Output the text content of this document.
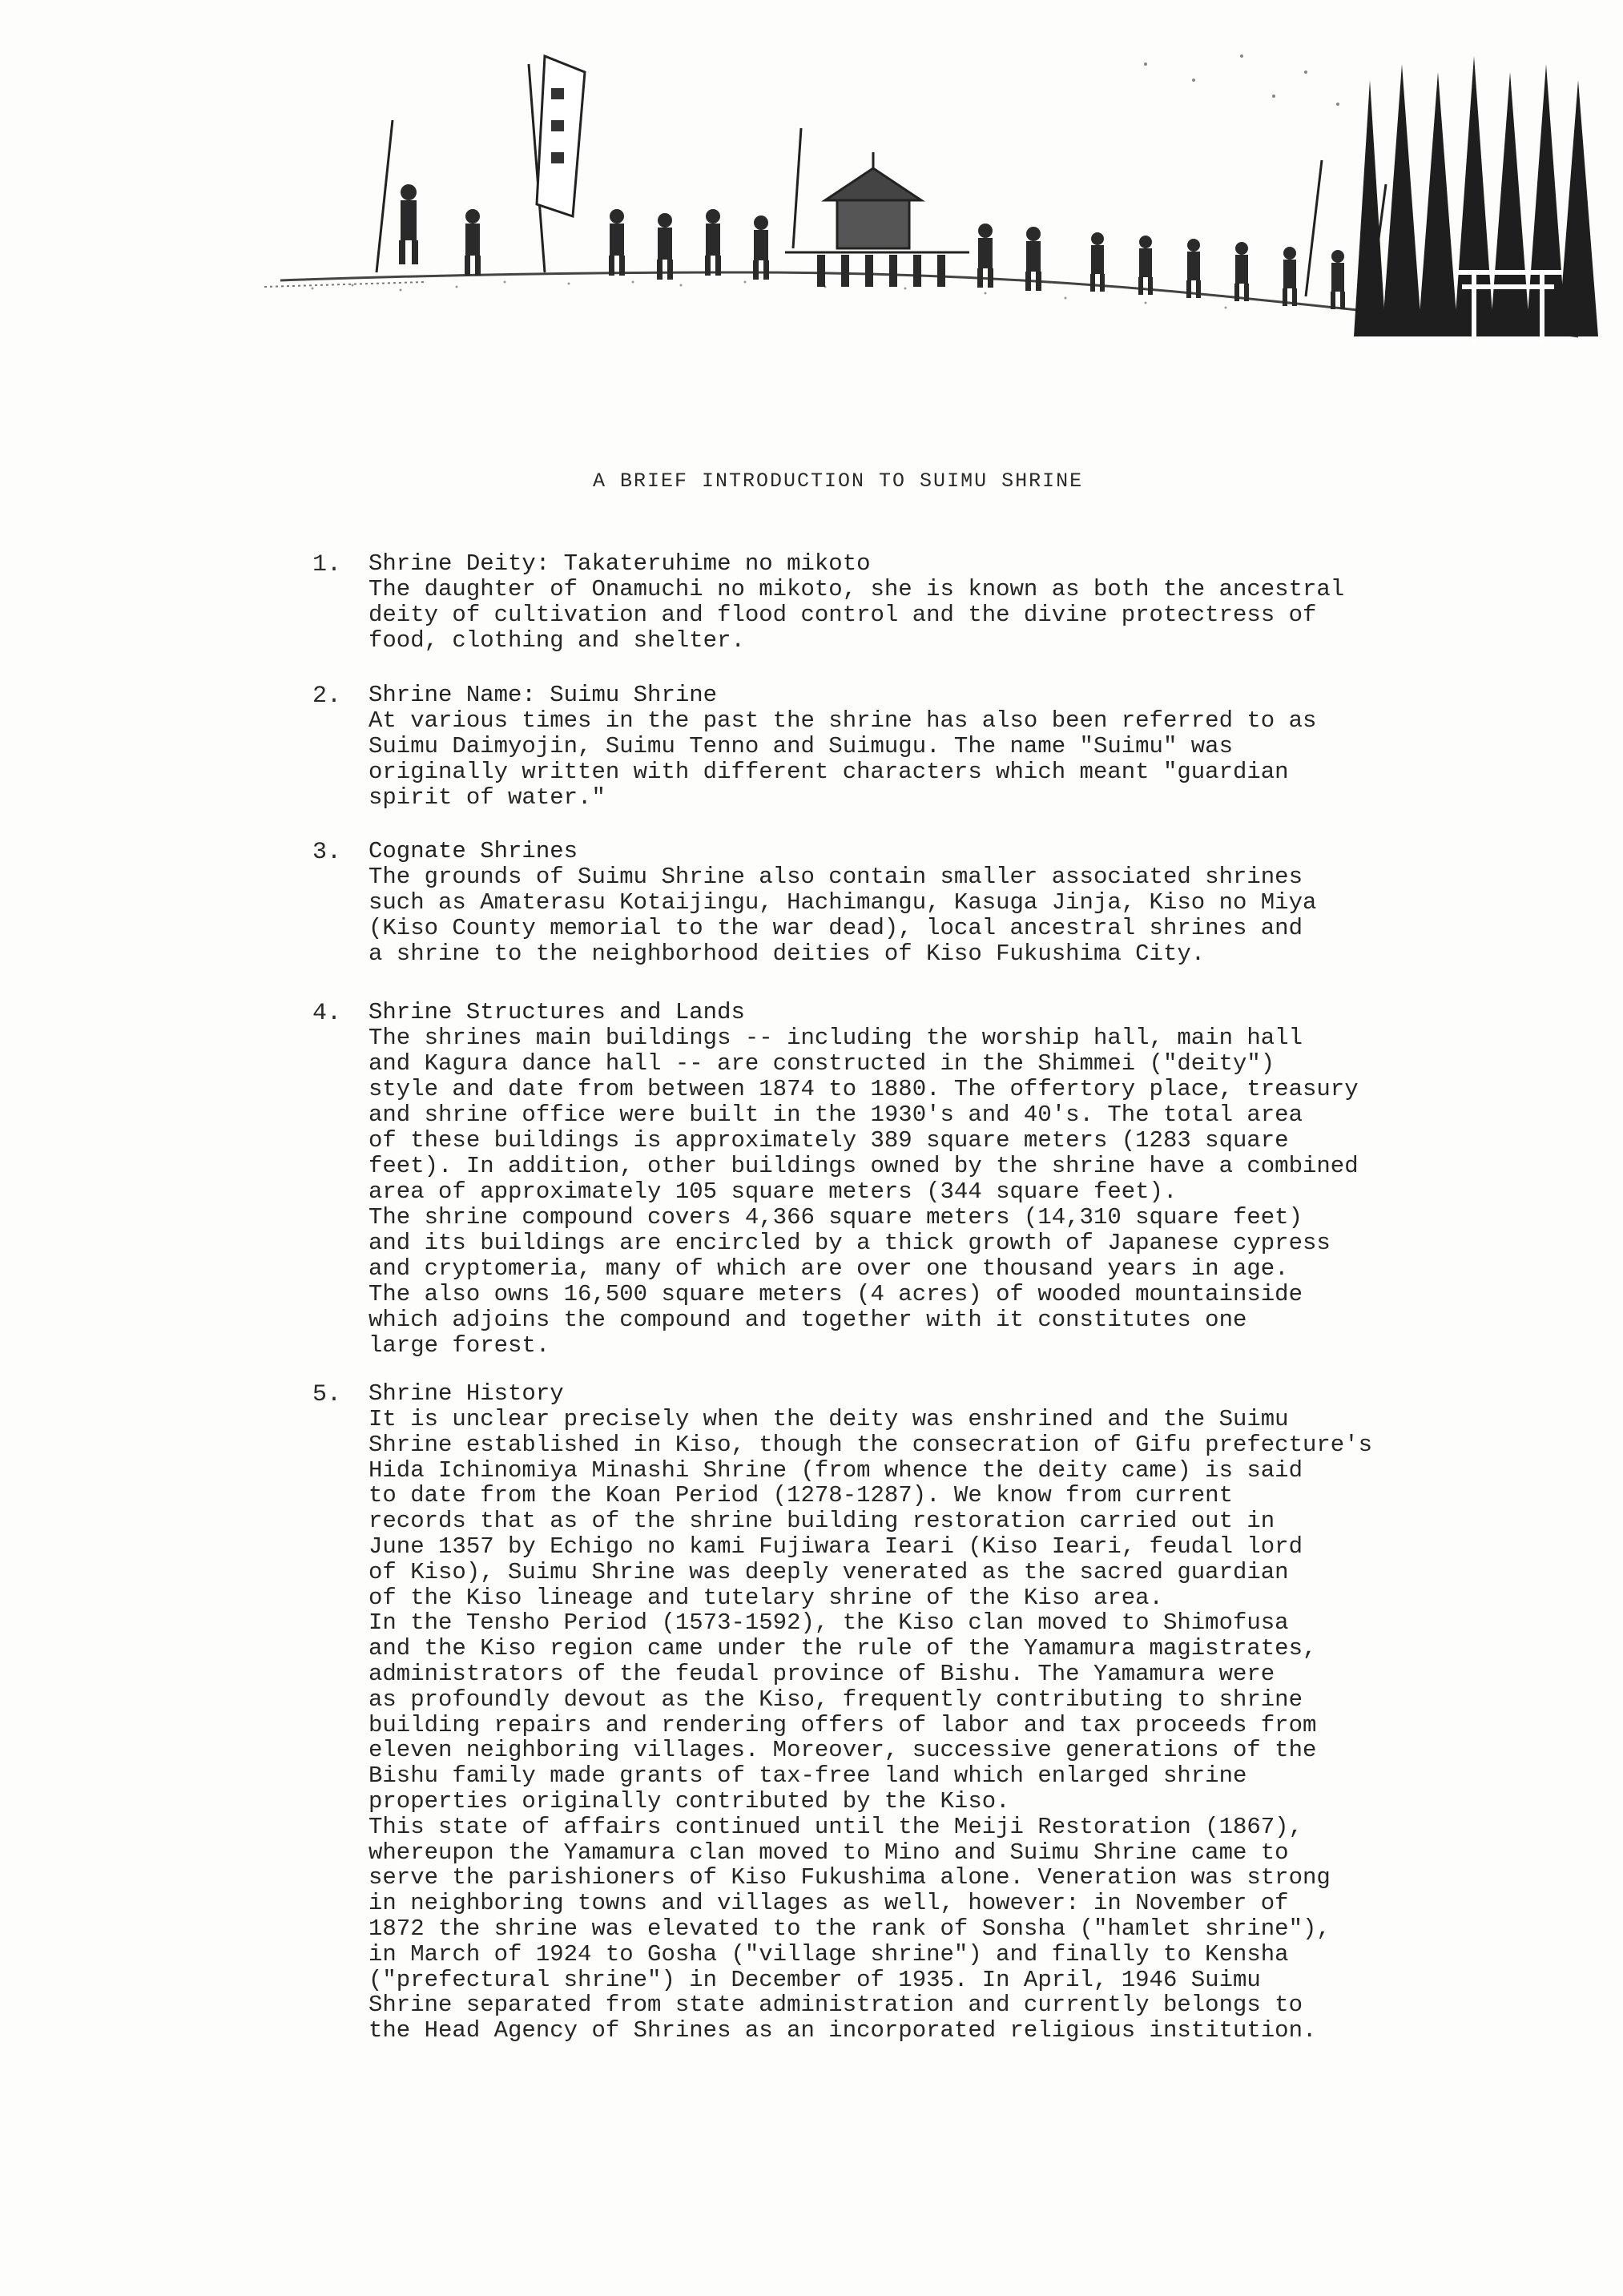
A BRIEF INTRODUCTION TO SUIMU SHRINE
1. Shrine Deity: Takateruhime no mikoto
The daughter of Onamuchi no mikoto, she is known as both the ancestral
deity of cultivation and flood control and the divine protectress of
food, clothing and shelter.
2. Shrine Name: Suimu Shrine
At various times in the past the shrine has also been referred to as
Suimu Daimyojin, Suimu Tenno and Suimugu. The name "Suimu" was
originally written with different characters which meant "guardian
spirit of water."
3. Cognate Shrines
The grounds of Suimu Shrine also contain smaller associated shrines
such as Amaterasu Kotaijingu, Hachimangu, Kasuga Jinja, Kiso no Miya
(Kiso County memorial to the war dead), local ancestral shrines and
a shrine to the neighborhood deities of Kiso Fukushima City.
4. Shrine Structures and Lands
The shrines main buildings -- including the worship hall, main hall
and Kagura dance hall -- are constructed in the Shimmei ("deity")
style and date from between 1874 to 1880. The offertory place, treasury
and shrine office were built in the 1930's and 40's. The total area
of these buildings is approximately 389 square meters (1283 square
feet). In addition, other buildings owned by the shrine have a combined
area of approximately 105 square meters (344 square feet).
The shrine compound covers 4,366 square meters (14,310 square feet)
and its buildings are encircled by a thick growth of Japanese cypress
and cryptomeria, many of which are over one thousand years in age.
The also owns 16,500 square meters (4 acres) of wooded mountainside
which adjoins the compound and together with it constitutes one
large forest.
5. Shrine History
It is unclear precisely when the deity was enshrined and the Suimu
Shrine established in Kiso, though the consecration of Gifu prefecture's
Hida Ichinomiya Minashi Shrine (from whence the deity came) is said
to date from the Koan Period (1278-1287). We know from current
records that as of the shrine building restoration carried out in
June 1357 by Echigo no kami Fujiwara Ieari (Kiso Ieari, feudal lord
of Kiso), Suimu Shrine was deeply venerated as the sacred guardian
of the Kiso lineage and tutelary shrine of the Kiso area.
In the Tensho Period (1573-1592), the Kiso clan moved to Shimofusa
and the Kiso region came under the rule of the Yamamura magistrates,
administrators of the feudal province of Bishu. The Yamamura were
as profoundly devout as the Kiso, frequently contributing to shrine
building repairs and rendering offers of labor and tax proceeds from
eleven neighboring villages. Moreover, successive generations of the
Bishu family made grants of tax-free land which enlarged shrine
properties originally contributed by the Kiso.
This state of affairs continued until the Meiji Restoration (1867),
whereupon the Yamamura clan moved to Mino and Suimu Shrine came to
serve the parishioners of Kiso Fukushima alone. Veneration was strong
in neighboring towns and villages as well, however: in November of
1872 the shrine was elevated to the rank of Sonsha ("hamlet shrine"),
in March of 1924 to Gosha ("village shrine") and finally to Kensha
("prefectural shrine") in December of 1935. In April, 1946 Suimu
Shrine separated from state administration and currently belongs to
the Head Agency of Shrines as an incorporated religious institution.
